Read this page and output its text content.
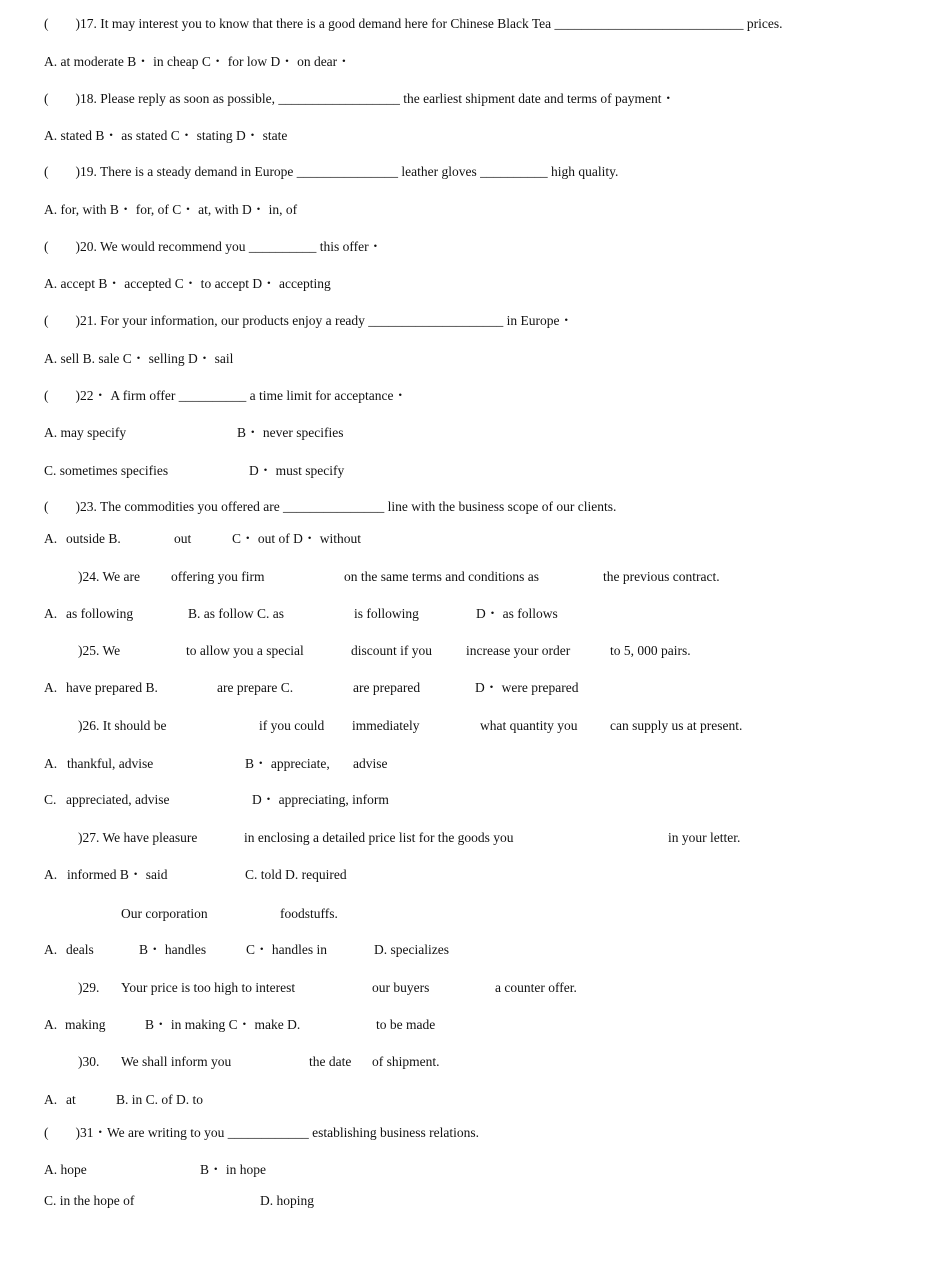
(        )17. It may interest you to know that there is a good demand here for Chinese Black Tea ____________________________ prices.
A. at moderate B・ in cheap C・ for low D・ on dear・
(        )18. Please reply as soon as possible, __________________ the earliest shipment date and terms of payment・
A. stated B・ as stated C・ stating D・ state
(        )19. There is a steady demand in Europe _______________ leather gloves __________ high quality.
A. for, with B・ for, of C・ at, with D・ in, of
(        )20. We would recommend you __________ this offer・
A. accept B・ accepted C・ to accept D・ accepting
(        )21. For your information, our products enjoy a ready ____________________ in Europe・
A. sell B. sale C・ selling D・ sail
(        )22・ A firm offer __________ a time limit for acceptance・
A. may specify	B・ never specifies
C. sometimes specifies	D・ must specify
(        )23. The commodities you offered are _______________ line with the business scope of our clients.
A. outside B.	out	C・ out of D・ without
)24. We are offering you firm	on the same terms and conditions as	the previous contract.
A. as following	B. as follow C. as	is following	D・ as follows
)25. We	to allow you a special	discount if you	increase your order	to 5, 000 pairs.
A. have prepared B.	are prepare C.	are prepared	D・ were prepared
)26. It should be	if you could immediately	what quantity you can supply us at present.
A. thankful, advise	B・ appreciate, advise
C. appreciated, advise	D・ appreciating, inform
)27. We have pleasure	in enclosing a detailed price list for the goods you	in your letter.
A. informed B・ said	C. told D. required
Our corporation	foodstuffs.
A. deals	B・ handles	C・ handles in	D. specializes
)29. Your price is too high to interest	our buyers	a counter offer.
A. making	B・ in making C・ make D.	to be made
)30. We shall inform you	the date of shipment.
A. at	B. in C. of D. to
(        )31・We are writing to you ____________ establishing business relations.
A. hope	B・ in hope
C. in the hope of	D. hoping
